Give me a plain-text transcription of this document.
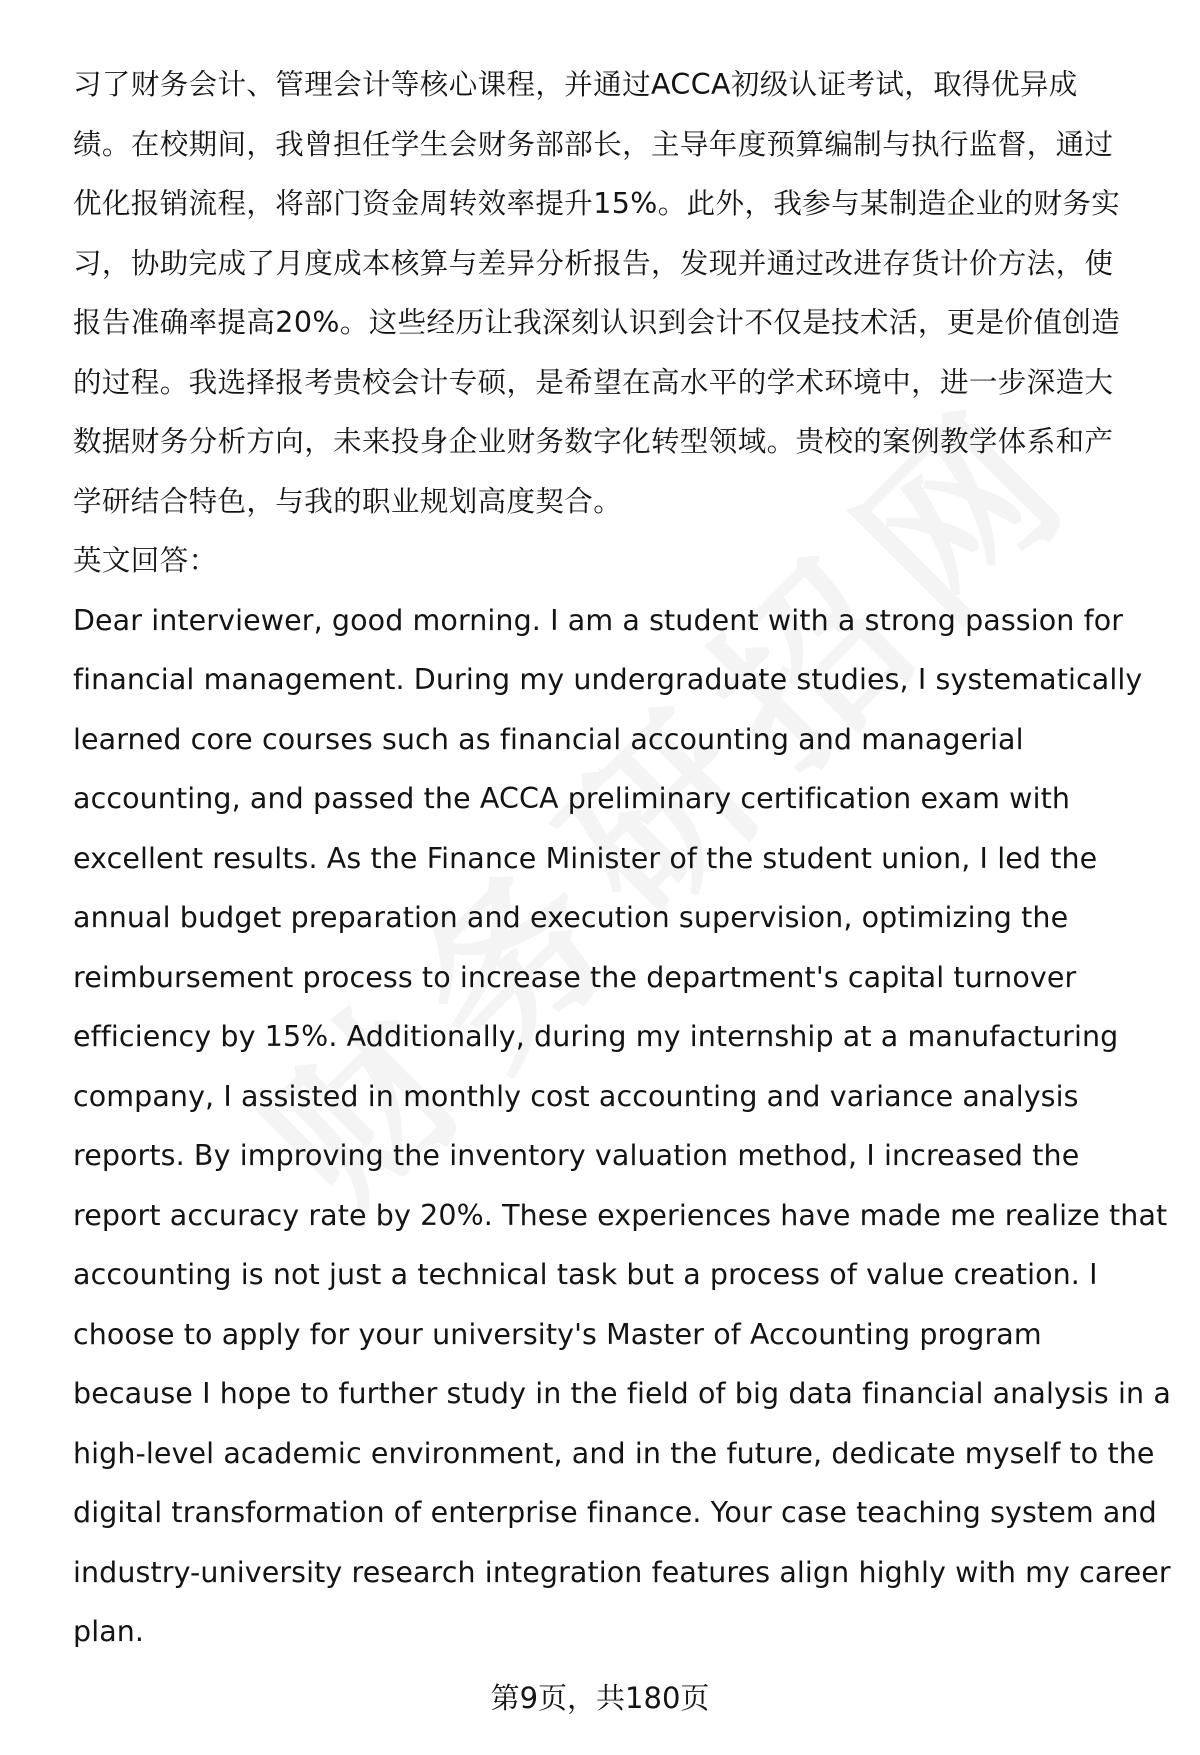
习了财务会计、管理会计等核心课程，并通过ACCA初级认证考试，取得优异成
绩。在校期间，我曾担任学生会财务部部长，主导年度预算编制与执行监督，通过
优化报销流程，将部门资金周转效率提升15%。此外，我参与某制造企业的财务实
习，协助完成了月度成本核算与差异分析报告，发现并通过改进存货计价方法，使
报告准确率提高20%。这些经历让我深刻认识到会计不仅是技术活，更是价值创造
的过程。我选择报考贵校会计专硕，是希望在高水平的学术环境中，进一步深造大
数据财务分析方向，未来投身企业财务数字化转型领域。贵校的案例教学体系和产
学研结合特色，与我的职业规划高度契合。
英文回答：
Dear interviewer, good morning. I am a student with a strong passion for
financial management. During my undergraduate studies, I systematically
learned core courses such as financial accounting and managerial
accounting, and passed the ACCA preliminary certification exam with
excellent results. As the Finance Minister of the student union, I led the
annual budget preparation and execution supervision, optimizing the
reimbursement process to increase the department's capital turnover
efficiency by 15%. Additionally, during my internship at a manufacturing
company, I assisted in monthly cost accounting and variance analysis
reports. By improving the inventory valuation method, I increased the
report accuracy rate by 20%. These experiences have made me realize that
accounting is not just a technical task but a process of value creation. I
choose to apply for your university's Master of Accounting program
because I hope to further study in the field of big data financial analysis in a
high-level academic environment, and in the future, dedicate myself to the
digital transformation of enterprise finance. Your case teaching system and
industry-university research integration features align highly with my career
plan.
第9页，共180页
